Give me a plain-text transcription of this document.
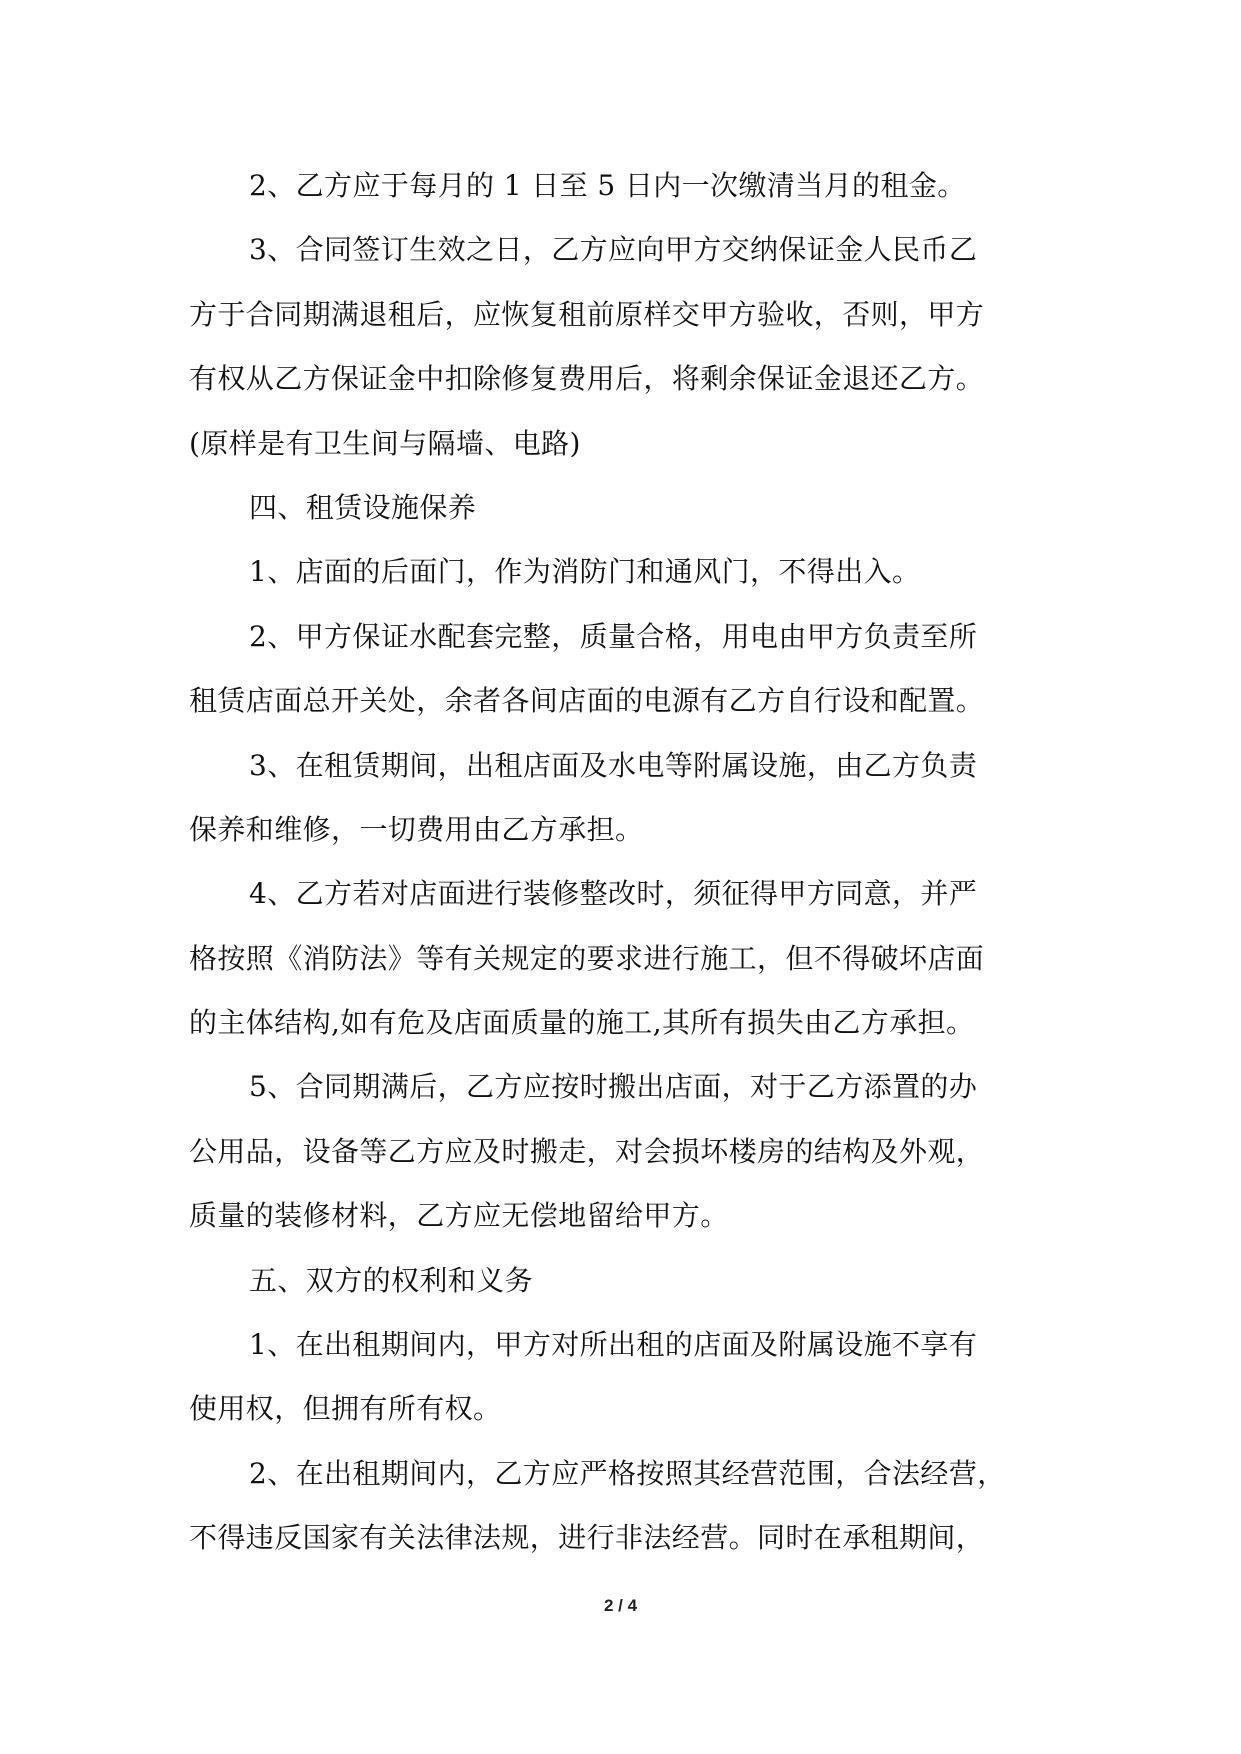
2、乙方应于每月的 1 日至 5 日内一次缴清当月的租金。
3、合同签订生效之日，乙方应向甲方交纳保证金人民币乙
方于合同期满退租后，应恢复租前原样交甲方验收，否则，甲方
有权从乙方保证金中扣除修复费用后，将剩余保证金退还乙方。
(原样是有卫生间与隔墙、电路)
四、租赁设施保养
1、店面的后面门，作为消防门和通风门，不得出入。
2、甲方保证水配套完整，质量合格，用电由甲方负责至所
租赁店面总开关处，余者各间店面的电源有乙方自行设和配置。
3、在租赁期间，出租店面及水电等附属设施，由乙方负责
保养和维修，一切费用由乙方承担。
4、乙方若对店面进行装修整改时，须征得甲方同意，并严
格按照《消防法》等有关规定的要求进行施工，但不得破坏店面
的主体结构,如有危及店面质量的施工,其所有损失由乙方承担。
5、合同期满后，乙方应按时搬出店面，对于乙方添置的办
公用品，设备等乙方应及时搬走，对会损坏楼房的结构及外观，
质量的装修材料，乙方应无偿地留给甲方。
五、双方的权利和义务
1、在出租期间内，甲方对所出租的店面及附属设施不享有
使用权，但拥有所有权。
2、在出租期间内，乙方应严格按照其经营范围，合法经营，
不得违反国家有关法律法规，进行非法经营。同时在承租期间，
2 / 4
